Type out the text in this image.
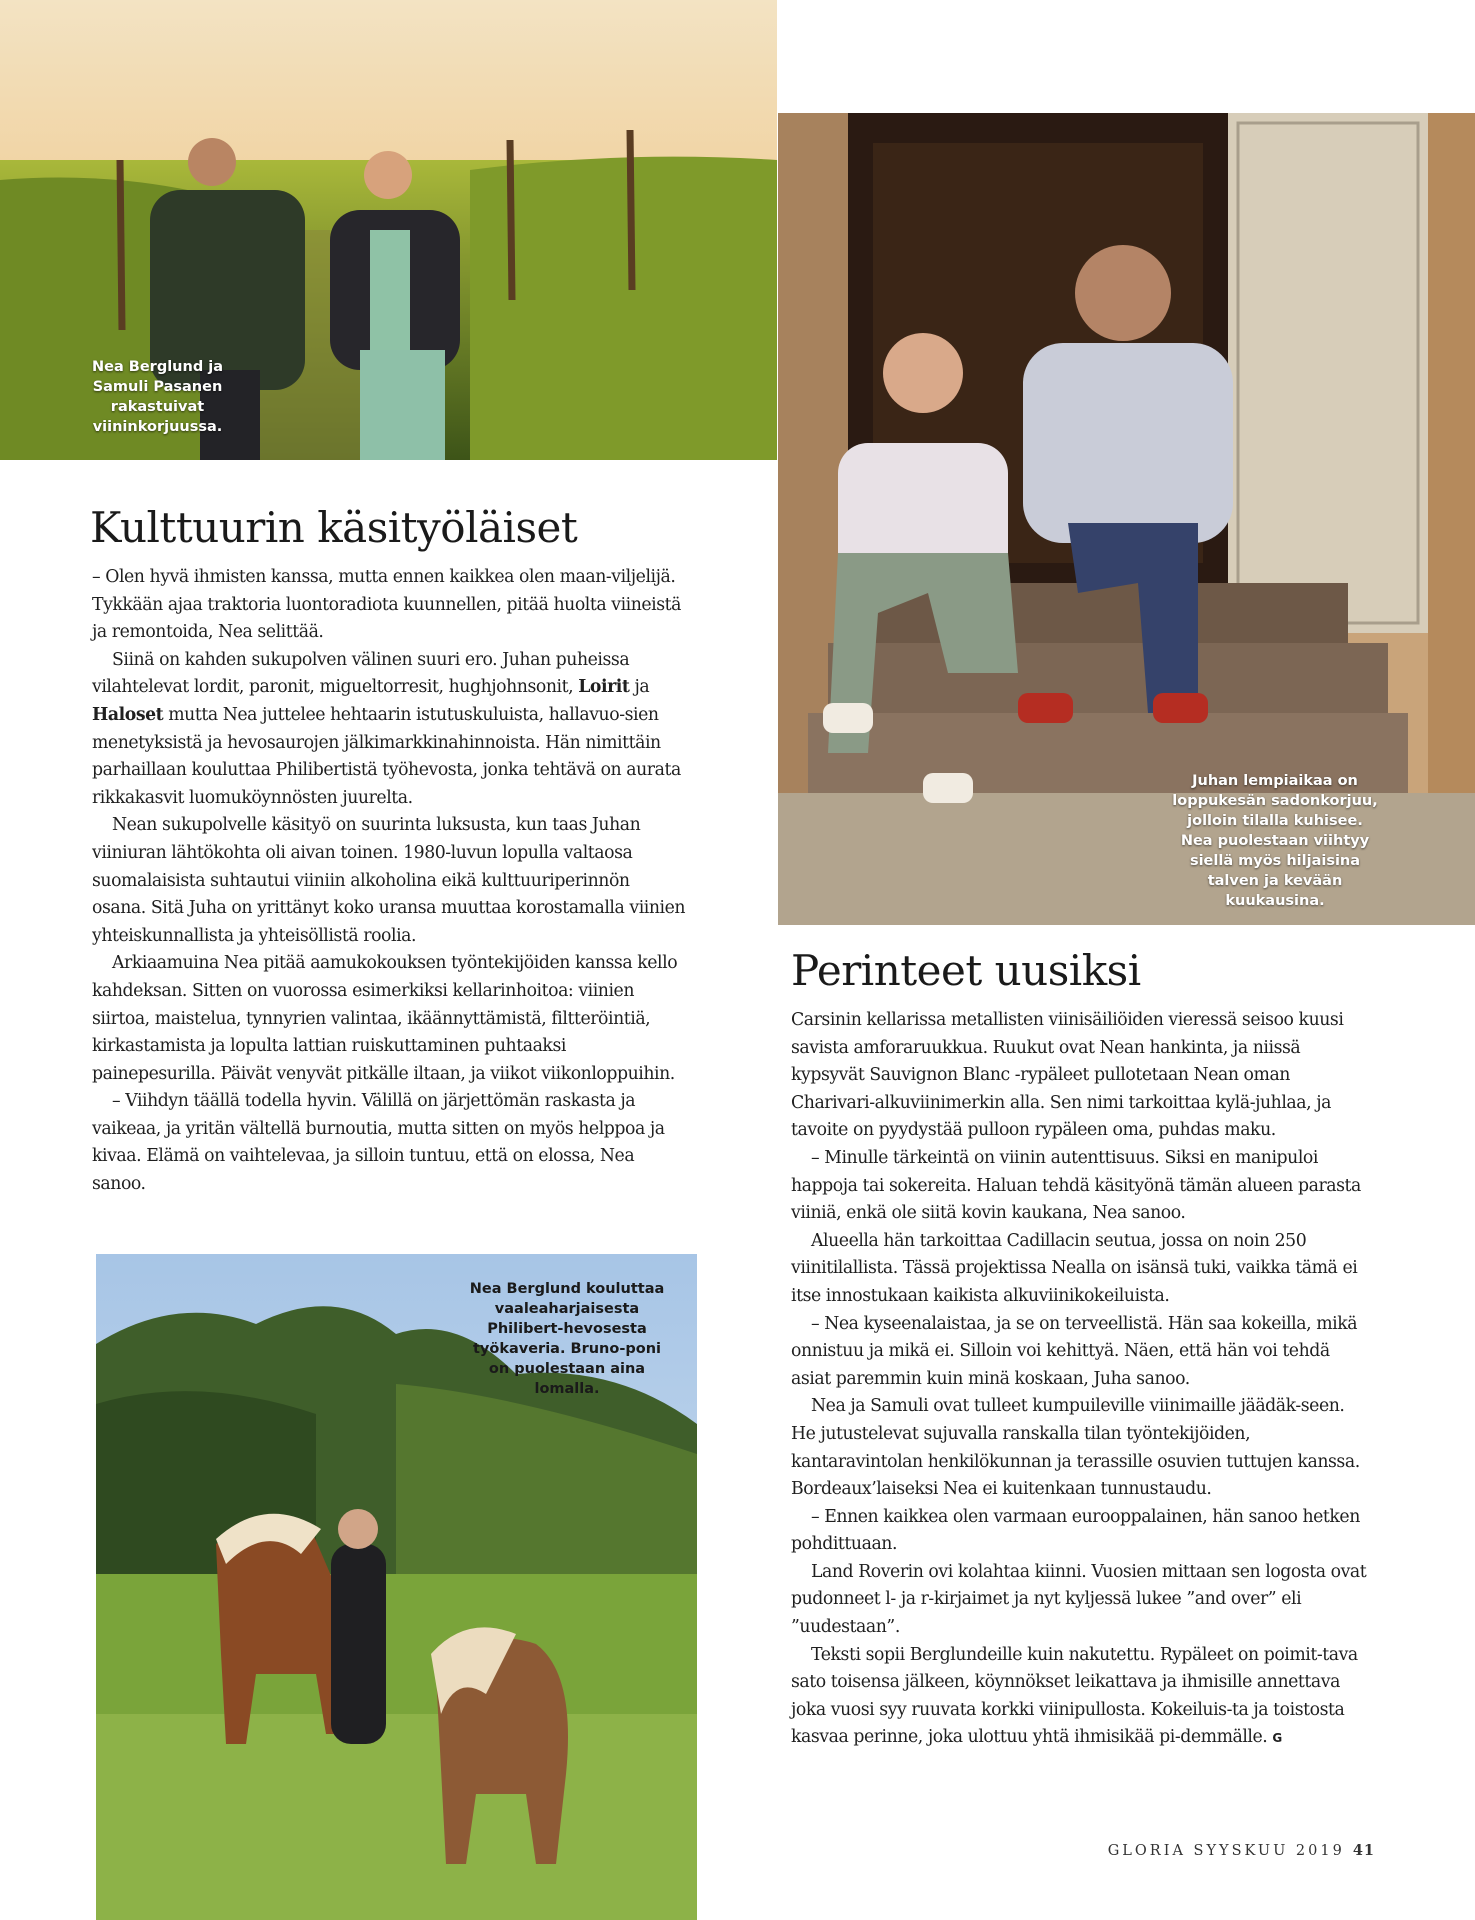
Nea Berglund ja Samuli Pasanen rakastuivat viininkorjuussa.
Juhan lempiaikaa on loppukesän sadonkorjuu, jolloin tilalla kuhisee. Nea puolestaan viihtyy siellä myös hiljaisina talven ja kevään kuukausina.
Kulttuurin käsityöläiset
– Olen hyvä ihmisten kanssa, mutta ennen kaikkea olen maan-viljelijä. Tykkään ajaa traktoria luontoradiota kuunnellen, pitää huolta viineistä ja remontoida, Nea selittää.
Siinä on kahden sukupolven välinen suuri ero. Juhan puheissa vilahtelevat lordit, paronit, migueltorresit, hughjohnsonit, Loirit ja Haloset mutta Nea juttelee hehtaarin istutuskuluista, hallavuo-sien menetyksistä ja hevosaurojen jälkimarkkinahinnoista. Hän nimittäin parhaillaan kouluttaa Philibertistä työhevosta, jonka tehtävä on aurata rikkakasvit luomuköynnösten juurelta.
Nean sukupolvelle käsityö on suurinta luksusta, kun taas Juhan viiniuran lähtökohta oli aivan toinen. 1980-luvun lopulla valtaosa suomalaisista suhtautui viiniin alkoholina eikä kulttuuriperinnön osana. Sitä Juha on yrittänyt koko uransa muuttaa korostamalla viinien yhteiskunnallista ja yhteisöllistä roolia.
Arkiaamuina Nea pitää aamukokouksen työntekijöiden kanssa kello kahdeksan. Sitten on vuorossa esimerkiksi kellarinhoitoa: viinien siirtoa, maistelua, tynnyrien valintaa, ikäännyttämistä, filtteröintiä, kirkastamista ja lopulta lattian ruiskuttaminen puhtaaksi painepesurilla. Päivät venyvät pitkälle iltaan, ja viikot viikonloppuihin.
– Viihdyn täällä todella hyvin. Välillä on järjettömän raskasta ja vaikeaa, ja yritän vältellä burnoutia, mutta sitten on myös helppoa ja kivaa. Elämä on vaihtelevaa, ja silloin tuntuu, että on elossa, Nea sanoo.
Nea Berglund kouluttaa vaaleaharjaisesta Philibert-hevosesta työkaveria. Bruno-poni on puolestaan aina lomalla.
Perinteet uusiksi
Carsinin kellarissa metallisten viinisäiliöiden vieressä seisoo kuusi savista amforaruukkua. Ruukut ovat Nean hankinta, ja niissä kypsyvät Sauvignon Blanc -rypäleet pullotetaan Nean oman Charivari-alkuviinimerkin alla. Sen nimi tarkoittaa kylä-juhlaa, ja tavoite on pyydystää pulloon rypäleen oma, puhdas maku.
– Minulle tärkeintä on viinin autenttisuus. Siksi en manipuloi happoja tai sokereita. Haluan tehdä käsityönä tämän alueen parasta viiniä, enkä ole siitä kovin kaukana, Nea sanoo.
Alueella hän tarkoittaa Cadillacin seutua, jossa on noin 250 viinitilallista. Tässä projektissa Nealla on isänsä tuki, vaikka tämä ei itse innostukaan kaikista alkuviinikokeiluista.
– Nea kyseenalaistaa, ja se on terveellistä. Hän saa kokeilla, mikä onnistuu ja mikä ei. Silloin voi kehittyä. Näen, että hän voi tehdä asiat paremmin kuin minä koskaan, Juha sanoo.
Nea ja Samuli ovat tulleet kumpuileville viinimaille jäädäk-seen. He jutustelevat sujuvalla ranskalla tilan työntekijöiden, kantaravintolan henkilökunnan ja terassille osuvien tuttujen kanssa. Bordeaux’laiseksi Nea ei kuitenkaan tunnustaudu.
– Ennen kaikkea olen varmaan eurooppalainen, hän sanoo hetken pohdittuaan.
Land Roverin ovi kolahtaa kiinni. Vuosien mittaan sen logosta ovat pudonneet l- ja r-kirjaimet ja nyt kyljessä lukee ”and over” eli ”uudestaan”.
Teksti sopii Berglundeille kuin nakutettu. Rypäleet on poimit-tava sato toisensa jälkeen, köynnökset leikattava ja ihmisille annettava joka vuosi syy ruuvata korkki viinipullosta. Kokeiluis-ta ja toistosta kasvaa perinne, joka ulottuu yhtä ihmisikää pi-demmälle. G
GLORIA SYYSKUU 2019 41
